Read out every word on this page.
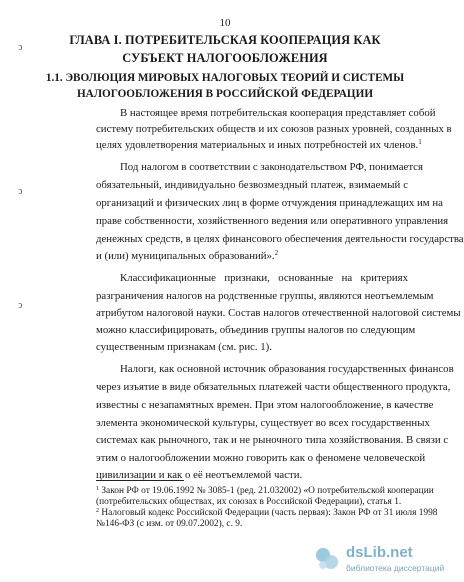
ↄ
ↄ
ↄ
10
ГЛАВА I. ПОТРЕБИТЕЛЬСКАЯ КООПЕРАЦИЯ КАК
СУБЪЕКТ НАЛОГООБЛОЖЕНИЯ
1.1. ЭВОЛЮЦИЯ МИРОВЫХ НАЛОГОВЫХ ТЕОРИЙ И СИСТЕМЫ
НАЛОГООБЛОЖЕНИЯ В РОССИЙСКОЙ ФЕДЕРАЦИИ
В настоящее время потребительская кооперация представляет собой
систему потребительских обществ и их союзов разных уровней, созданных в
целях удовлетворения материальных и иных потребностей их членов.$^1$
Под налогом в соответствии с законодательством РФ, понимается
обязательный, индивидуально безвозмездный платеж, взимаемый с
организаций и физических лиц в форме отчуждения принадлежащих им на
праве собственности, хозяйственного ведения или оперативного управления
денежных средств, в целях финансового обеспечения деятельности государства
и (или) муниципальных образований».$^2$
Классификационные признаки, основанные на критериях
разграничения налогов на родственные группы, являются неотъемлемым
атрибутом налоговой науки. Состав налогов отечественной налоговой системы
можно классифицировать, объединив группы налогов по следующим
существенным признакам (см. рис. 1).
Налоги, как основной источник образования государственных финансов
через изъятие в виде обязательных платежей части общественного продукта,
известны с незапамятных времен. При этом налогообложение, в качестве
элемента экономической культуры, существует во всех государственных
системах как рыночного, так и не рыночного типа хозяйствования. В связи с
этим о налогообложении можно говорить как о феномене человеческой
цивилизации и как о её неотъемлемой части.
$^1$ Закон РФ от 19.06.1992 № 3085-1 (ред. 21.032002) «О потребительской кооперации
(потребительских обществах, их союзах в Российской Федерации), статья 1.
$^2$ Налоговый кодекс Российской Федерации (часть первая): Закон РФ от 31 июля 1998
№146-ФЗ (с изм. от 09.07.2002), с. 9.
dsLib.net
библиотека диссертаций
